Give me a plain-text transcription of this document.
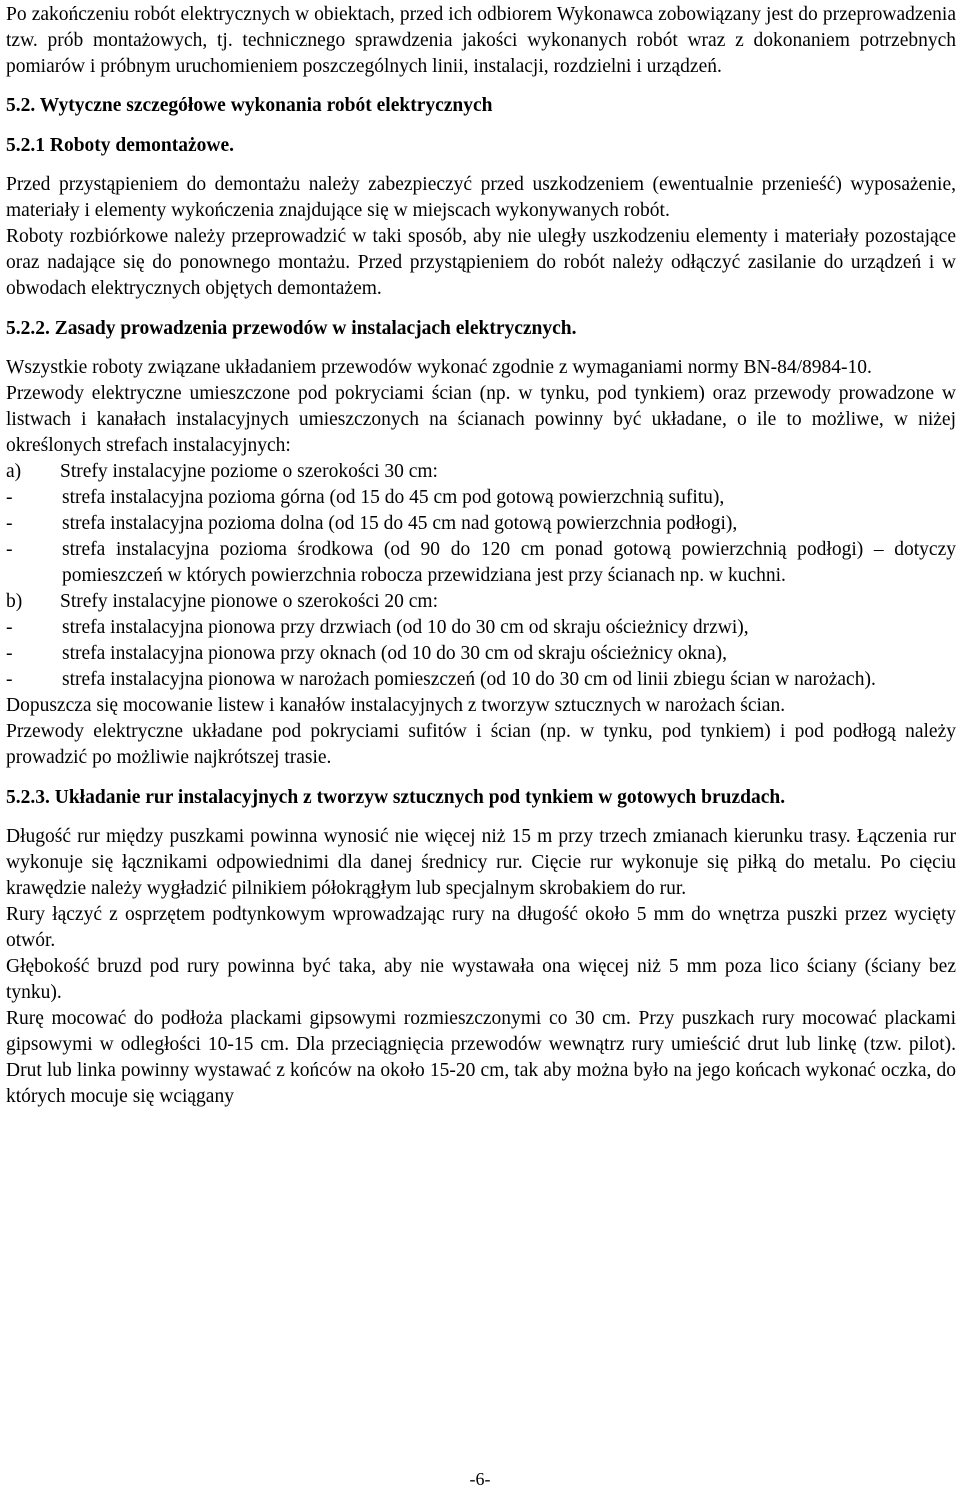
Po zakończeniu robót elektrycznych w obiektach, przed ich odbiorem Wykonawca zobowiązany jest do przeprowadzenia tzw. prób montażowych, tj. technicznego sprawdzenia jakości wykonanych robót wraz z dokonaniem potrzebnych pomiarów i próbnym uruchomieniem poszczególnych linii, instalacji, rozdzielni i urządzeń.

5.2. Wytyczne szczegółowe wykonania robót elektrycznych

5.2.1 Roboty demontażowe.

Przed przystąpieniem do demontażu należy zabezpieczyć przed uszkodzeniem (ewentualnie przenieść) wyposażenie, materiały i elementy wykończenia znajdujące się w miejscach wykonywanych robót.

Roboty rozbiórkowe należy przeprowadzić w taki sposób, aby nie uległy uszkodzeniu elementy i materiały pozostające oraz nadające się do ponownego montażu. Przed przystąpieniem do robót należy odłączyć zasilanie do urządzeń i w obwodach elektrycznych objętych demontażem.

5.2.2. Zasady prowadzenia przewodów w instalacjach elektrycznych.

Wszystkie roboty związane układaniem przewodów wykonać zgodnie z wymaganiami normy BN-84/8984-10.

Przewody elektryczne umieszczone pod pokryciami ścian (np. w tynku, pod tynkiem) oraz przewody prowadzone w listwach i kanałach instalacyjnych umieszczonych na ścianach powinny być układane, o ile to możliwe, w niżej określonych strefach instalacyjnych:

a) Strefy instalacyjne poziome o szerokości 30 cm:

-	strefa instalacyjna pozioma górna (od 15 do 45 cm pod gotową powierzchnią sufitu),

-	strefa instalacyjna pozioma dolna (od 15 do 45 cm nad gotową powierzchnia podłogi),

-	strefa instalacyjna pozioma środkowa (od 90 do 120 cm ponad gotową powierzchnią podłogi) – dotyczy pomieszczeń w których powierzchnia robocza przewidziana jest przy ścianach np. w kuchni.

b) Strefy instalacyjne pionowe o szerokości 20 cm:

-	strefa instalacyjna pionowa przy drzwiach (od 10 do 30 cm od skraju ościeżnicy drzwi),

-	strefa instalacyjna pionowa przy oknach (od 10 do 30 cm od skraju ościeżnicy okna),

-	strefa instalacyjna pionowa w narożach pomieszczeń (od 10 do 30 cm od linii zbiegu ścian w narożach).

Dopuszcza się mocowanie listew i kanałów instalacyjnych z tworzyw sztucznych w narożach ścian.

Przewody elektryczne układane pod pokryciami sufitów i ścian (np. w tynku, pod tynkiem) i pod podłogą należy prowadzić po możliwie najkrótszej trasie.

5.2.3. Układanie rur instalacyjnych z tworzyw sztucznych pod tynkiem w gotowych bruzdach.

Długość rur między puszkami powinna wynosić nie więcej niż 15 m przy trzech zmianach kierunku trasy. Łączenia rur wykonuje się łącznikami odpowiednimi dla danej średnicy rur. Cięcie rur wykonuje się piłką do metalu. Po cięciu krawędzie należy wygładzić pilnikiem półokrągłym lub specjalnym skrobakiem do rur.

Rury łączyć z osprzętem podtynkowym wprowadzając rury na długość około 5 mm do wnętrza puszki przez wycięty otwór.

Głębokość bruzd pod rury powinna być taka, aby nie wystawała ona więcej niż 5 mm poza lico ściany (ściany bez tynku).

Rurę mocować do podłoża plackami gipsowymi rozmieszczonymi co 30 cm. Przy puszkach rury mocować plackami gipsowymi w odległości 10-15 cm. Dla przeciągnięcia przewodów wewnątrz rury umieścić drut lub linkę (tzw. pilot). Drut lub linka powinny wystawać z końców na około 15-20 cm, tak aby można było na jego końcach wykonać oczka, do których mocuje się wciągany

-6-
